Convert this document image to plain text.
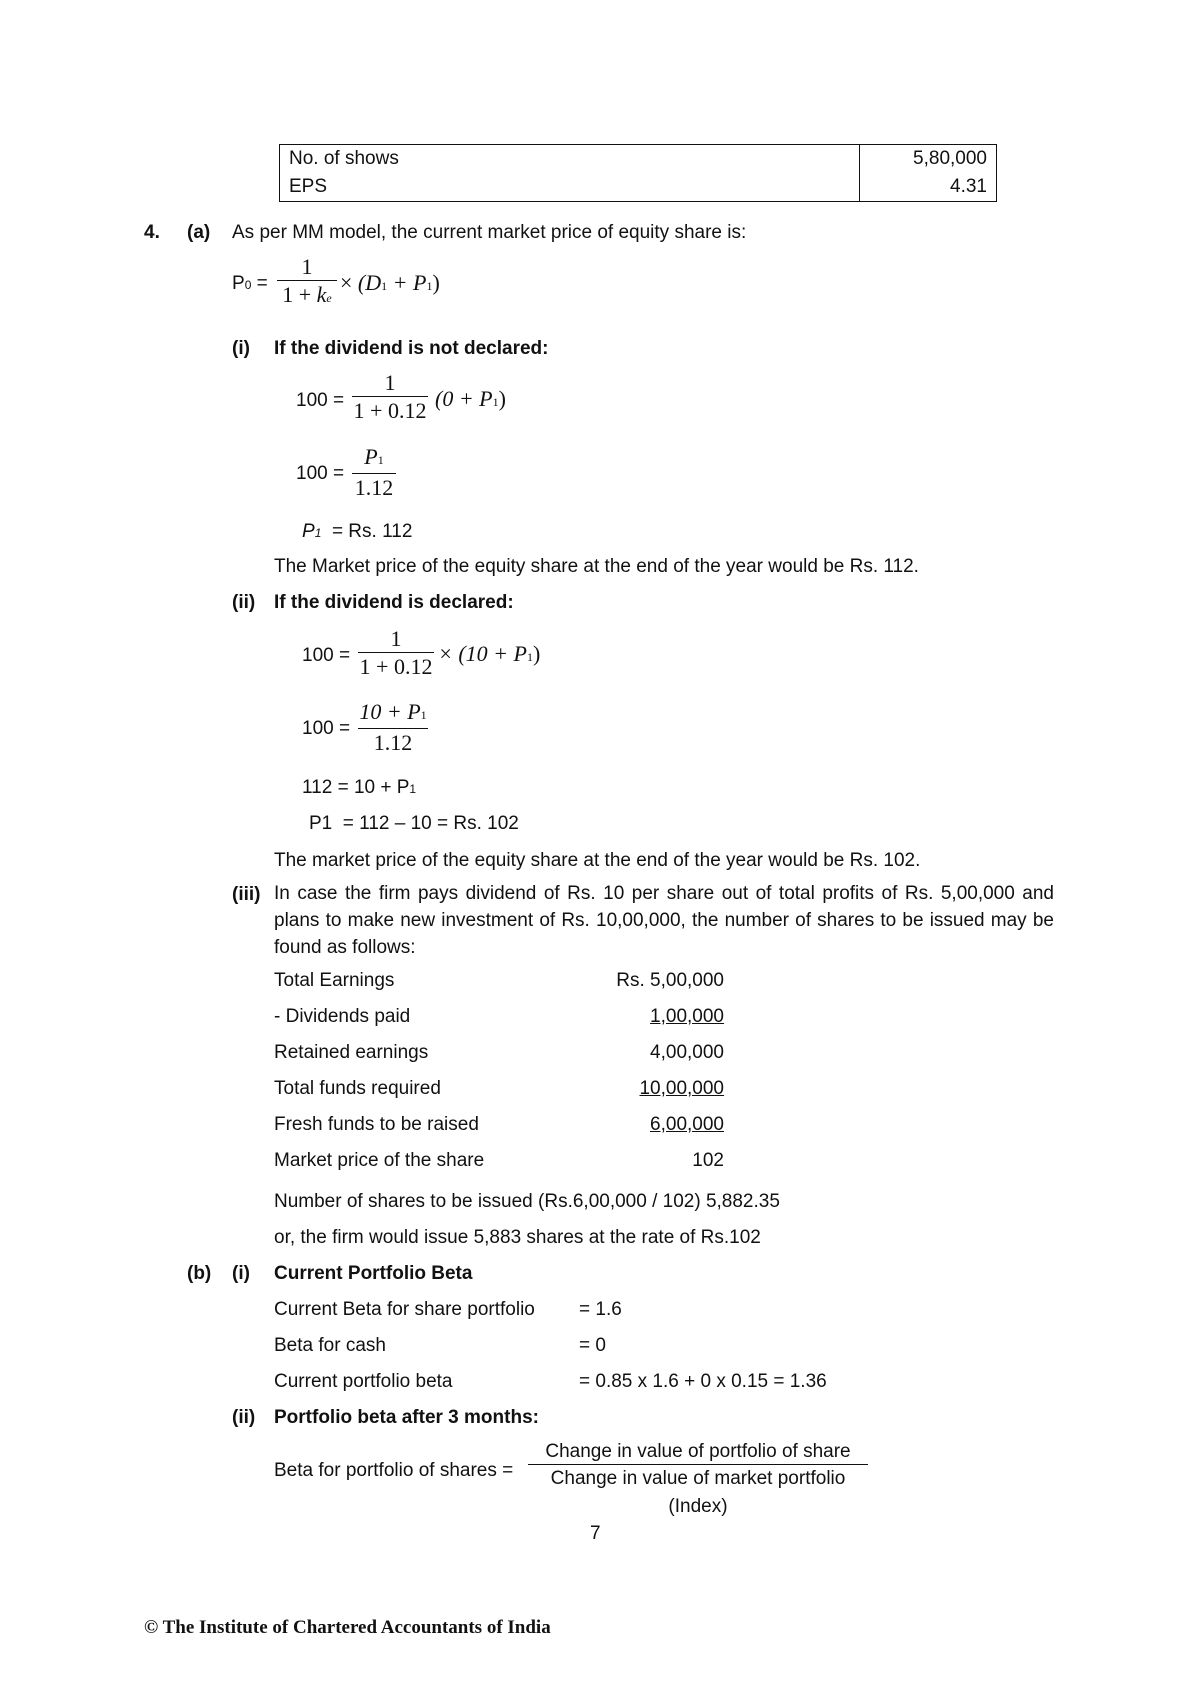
No. of shows	5,80,000
EPS	4.31
4. (a) As per MM model, the current market price of equity share is:
P0 =
1
1 + ke
× (D1 + P1)
(i) If the dividend is not declared:
100 =
1
1 + 0.12 (0 + P1)
100 =
P1
1.12
P1 = Rs. 112
The Market price of the equity share at the end of the year would be Rs. 112.
(ii) If the dividend is declared:
100 =
1
1 + 0.12
× (10 + P1)
100 =
10 + P1
1.12
112 = 10 + P1
P1  = 112 – 10 = Rs. 102
The market price of the equity share at the end of the year would be Rs. 102.
(iii) In case the firm pays dividend of Rs. 10 per share out of total profits of Rs. 5,00,000 and plans to make new investment of Rs. 10,00,000, the number of shares to be issued may be found as follows:
Total Earnings	Rs. 5,00,000
- Dividends paid	1,00,000
Retained earnings	4,00,000
Total funds required	10,00,000
Fresh funds to be raised	6,00,000
Market price of the share	102
Number of shares to be issued (Rs.6,00,000 / 102) 5,882.35
or, the firm would issue 5,883 shares at the rate of Rs.102
(b) (i) Current Portfolio Beta
Current Beta for share portfolio = 1.6
Beta for cash	= 0
Current portfolio beta	= 0.85 x 1.6 + 0 x 0.15 = 1.36
(ii) Portfolio beta after 3 months:
Beta for portfolio of shares =
Change in value of portfolio of share
Change in value of market portfolio (Index)
7
© The Institute of Chartered Accountants of India
